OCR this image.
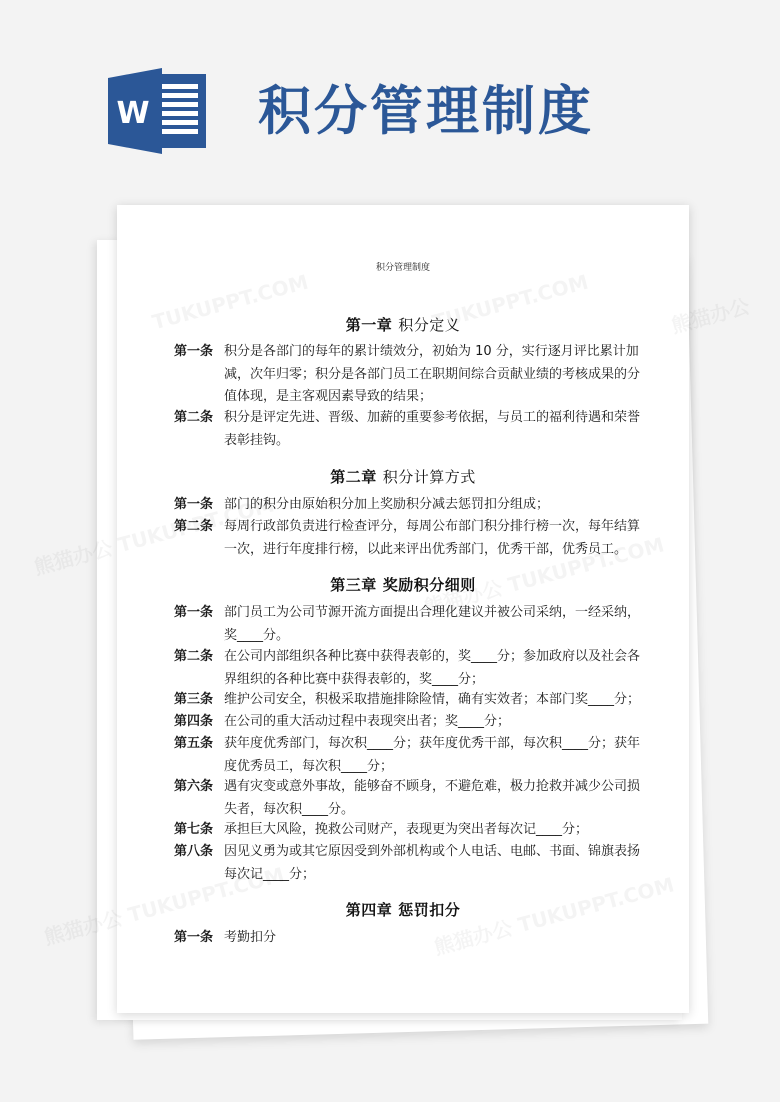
W 积分管理制度
积分管理制度
第一章 积分定义
第一条 积分是各部门的每年的累计绩效分，初始为 10 分，实行逐月评比累计加减，次年归零；积分是各部门员工在职期间综合贡献业绩的考核成果的分值体现，是主客观因素导致的结果；
第二条 积分是评定先进、晋级、加薪的重要参考依据，与员工的福利待遇和荣誉表彰挂钩。
第二章 积分计算方式
第一条 部门的积分由原始积分加上奖励积分减去惩罚扣分组成；
第二条 每周行政部负责进行检查评分，每周公布部门积分排行榜一次，每年结算一次，进行年度排行榜，以此来评出优秀部门，优秀干部，优秀员工。
第三章 奖励积分细则
第一条 部门员工为公司节源开流方面提出合理化建议并被公司采纳，一经采纳，奖____分。
第二条 在公司内部组织各种比赛中获得表彰的，奖____分；参加政府以及社会各界组织的各种比赛中获得表彰的，奖____分；
第三条 维护公司安全，积极采取措施排除险情，确有实效者；本部门奖____分；
第四条 在公司的重大活动过程中表现突出者；奖____分；
第五条 获年度优秀部门，每次积____分；获年度优秀干部，每次积____分；获年度优秀员工，每次积____分；
第六条 遇有灾变或意外事故，能够奋不顾身，不避危难，极力抢救并减少公司损失者，每次积____分。
第七条 承担巨大风险，挽救公司财产，表现更为突出者每次记____分；
第八条 因见义勇为或其它原因受到外部机构或个人电话、电邮、书面、锦旗表扬每次记____分；
第四章 惩罚扣分
第一条 考勤扣分
